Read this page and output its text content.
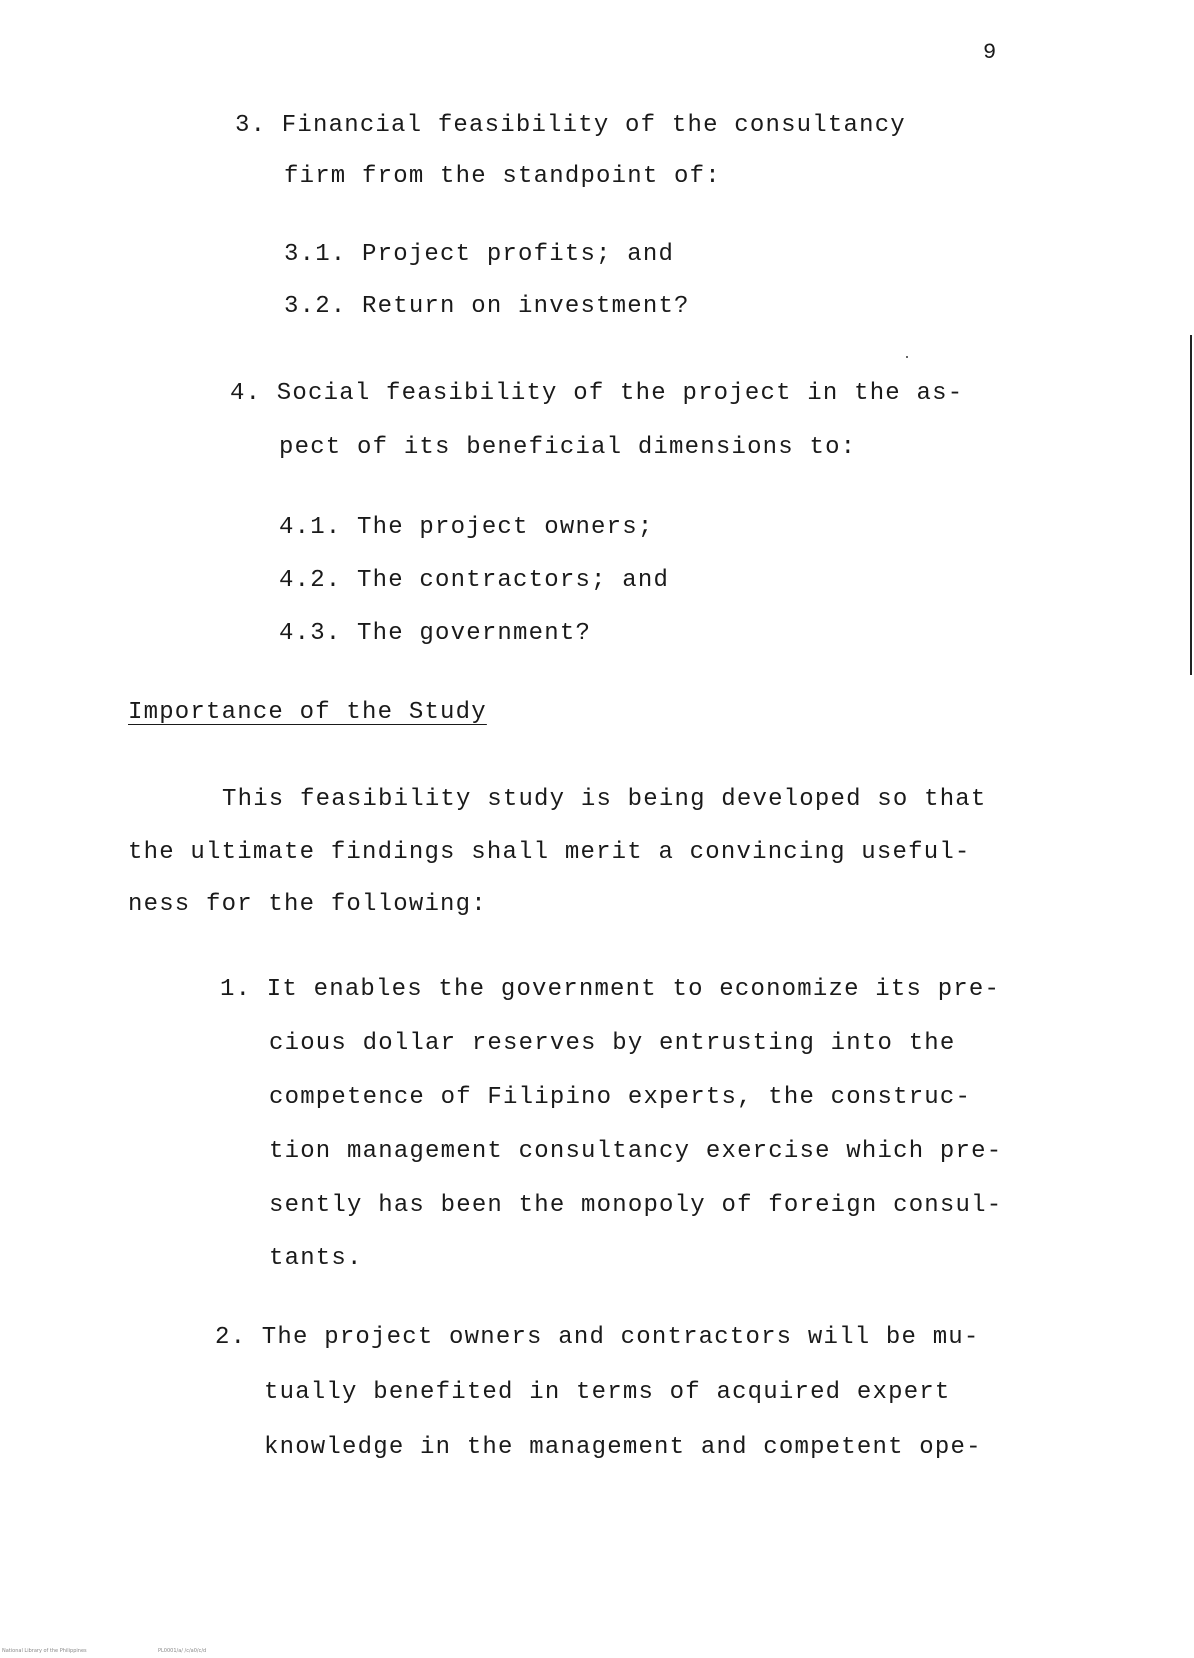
9
3. Financial feasibility of the consultancy
firm from the standpoint of:
3.1. Project profits; and
3.2. Return on investment?
4. Social feasibility of the project in the as-
pect of its beneficial dimensions to:
4.1. The project owners;
4.2. The contractors; and
4.3. The government?
Importance of the Study
This feasibility study is being developed so that
the ultimate findings shall merit a convincing useful-
ness for the following:
1. It enables the government to economize its pre-
cious dollar reserves by entrusting into the
competence of Filipino experts, the construc-
tion management consultancy exercise which pre-
sently has been the monopoly of foreign consul-
tants.
2. The project owners and contractors will be mu-
tually benefited in terms of acquired expert
knowledge in the management and competent ope-
National Library of the Philippines	PL0001/a/ /c/a0/c/d
